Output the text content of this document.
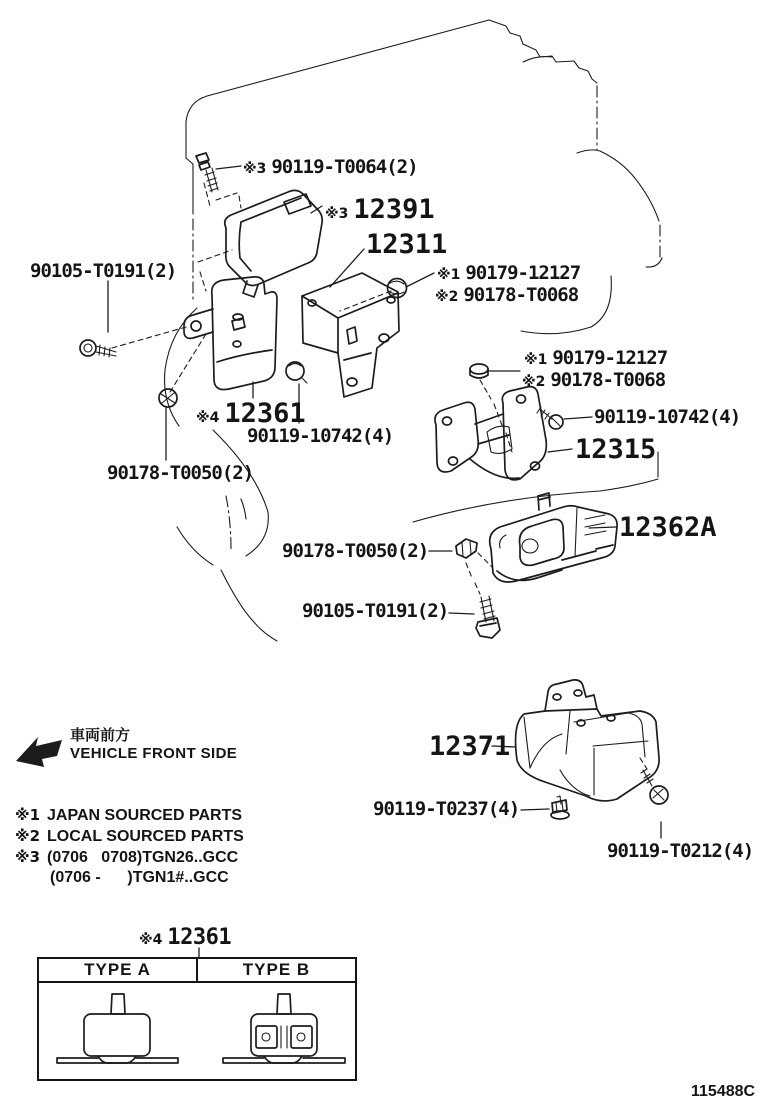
※3 90119-T0064(2)
※3 12391
12311
※1 90179-12127
※2 90178-T0068
90105-T0191(2)
※1 90179-12127
※2 90178-T0068
90119-10742(4)
12315
※4 12361
90119-10742(4)
90178-T0050(2)
12362A
90178-T0050(2)
90105-T0191(2)
12371
90119-T0237(4)
90119-T0212(4)
車両前方
VEHICLE FRONT SIDE
※1 JAPAN SOURCED PARTS
※2 LOCAL SOURCED PARTS
※3 (0706   0708)TGN26..GCC
(0706 -      )TGN1#..GCC
※4 12361
TYPE A	TYPE B
115488C
